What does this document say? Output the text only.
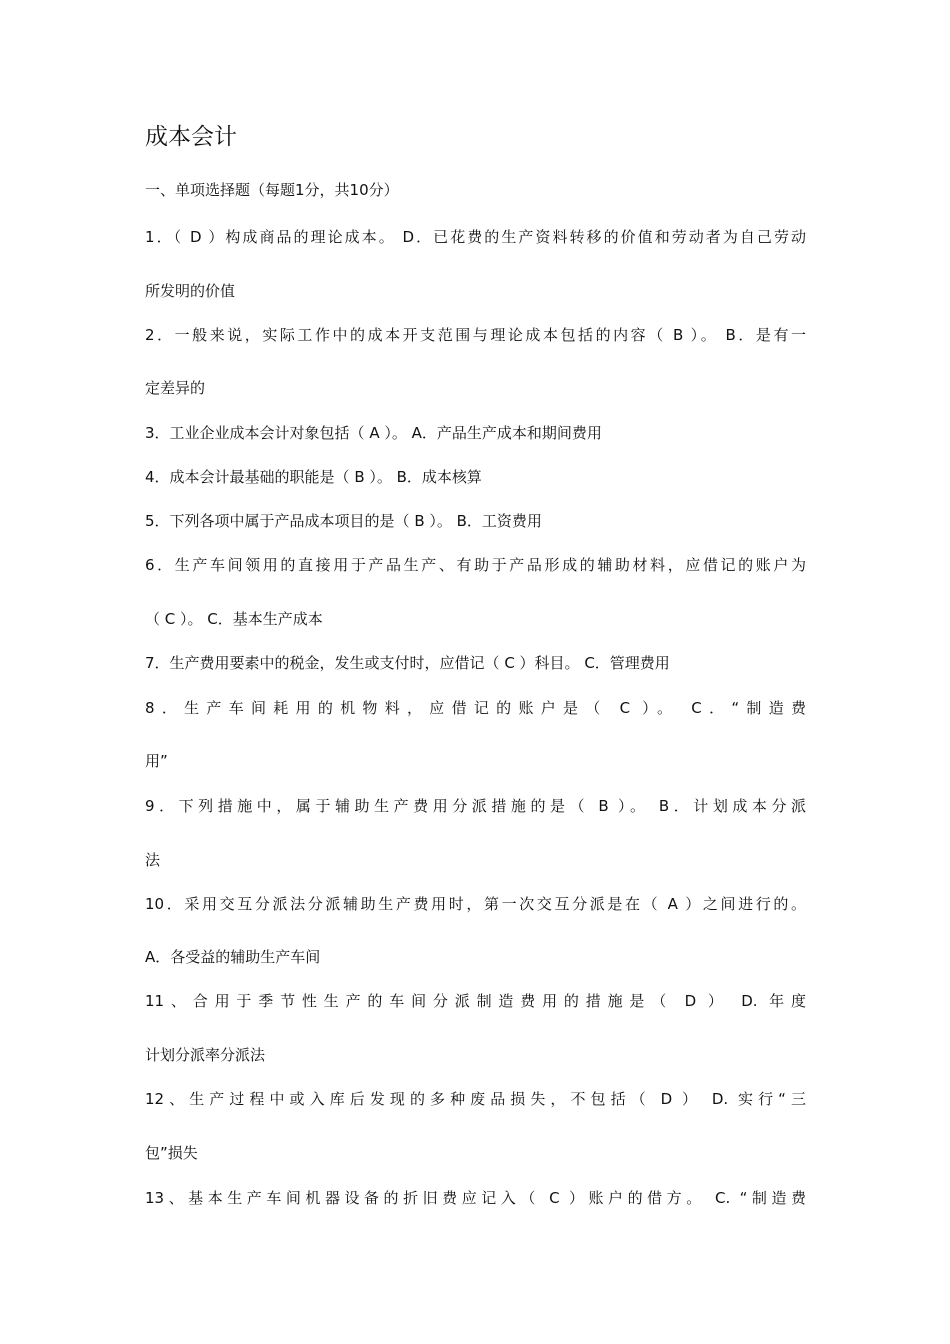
成本会计
一、单项选择题（每题1分，共10分）
1．（ D ）构成商品的理论成本。 D．已花费的生产资料转移的价值和劳动者为自己劳动
所发明的价值
2．一般来说，实际工作中的成本开支范围与理论成本包括的内容（ B ）。 B．是有一
定差异的
3．工业企业成本会计对象包括（ A ）。 A．产品生产成本和期间费用
4．成本会计最基础的职能是（ B ）。 B．成本核算
5．下列各项中属于产品成本项目的是（ B ）。 B．工资费用
6．生产车间领用的直接用于产品生产、有助于产品形成的辅助材料，应借记的账户为
（ C ）。 C．基本生产成本
7．生产费用要素中的税金，发生或支付时，应借记（ C ）科目。 C．管理费用
8．生产车间耗用的机物料，应借记的账户是（ C ）。 C．“制造费
用”
9．下列措施中，属于辅助生产费用分派措施的是（ B ）。 B．计划成本分派
法
10．采用交互分派法分派辅助生产费用时，第一次交互分派是在（ A ）之间进行的。
A．各受益的辅助生产车间
11、合用于季节性生产的车间分派制造费用的措施是（ D ） D. 年度
计划分派率分派法
12、生产过程中或入库后发现的多种废品损失，不包括（ D ） D. 实行“三
包”损失
13、基本生产车间机器设备的折旧费应记入（ C ）账户的借方。 C. “制造费
